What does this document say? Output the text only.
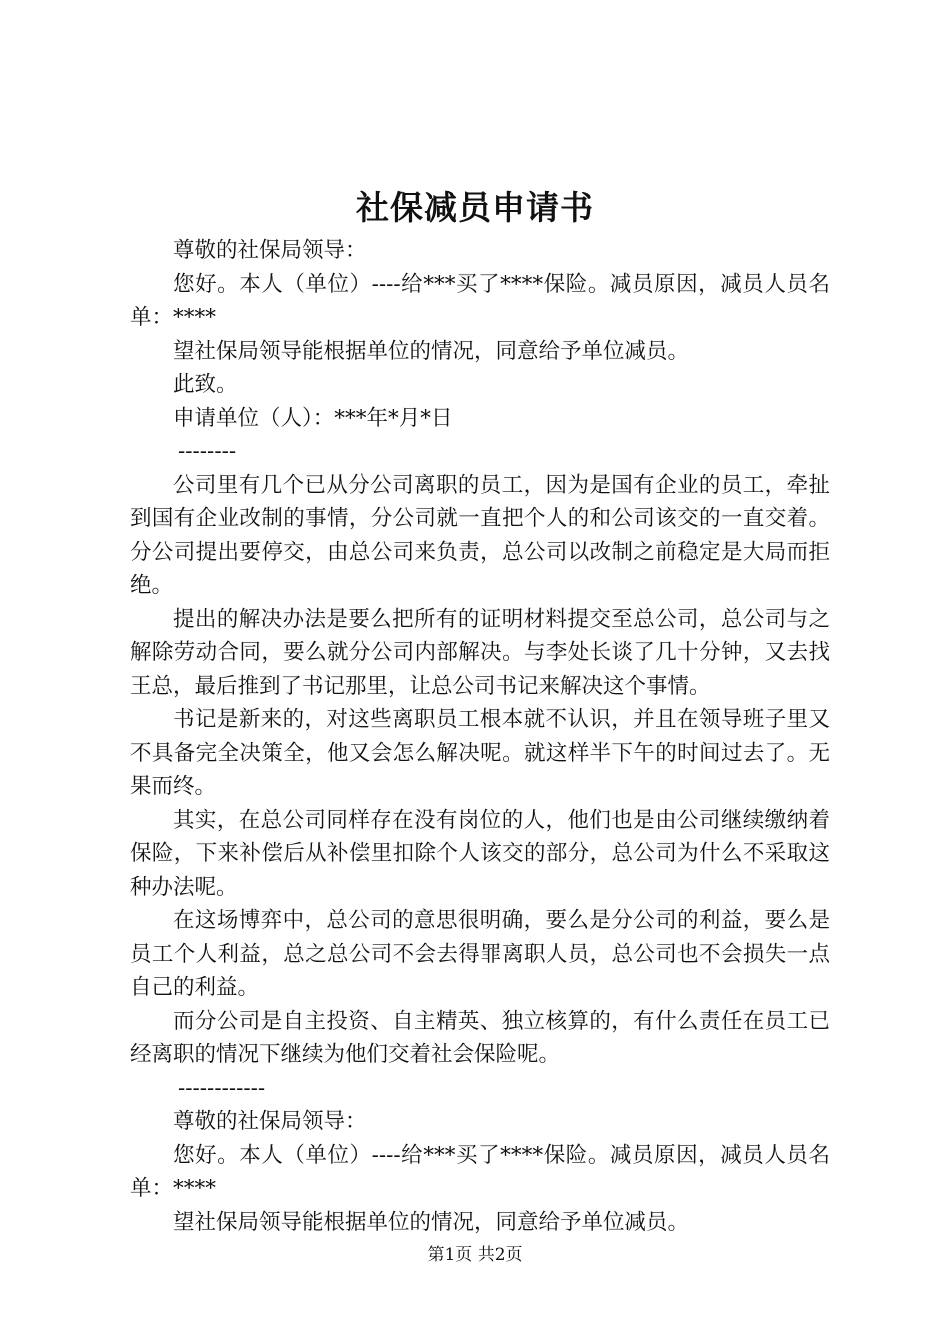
社保减员申请书

尊敬的社保局领导：

您好。本人（单位）----给***买了****保险。减员原因，减员人员名单：****

望社保局领导能根据单位的情况，同意给予单位减员。

此致。

申请单位（人）：***年*月*日

--------

公司里有几个已从分公司离职的员工，因为是国有企业的员工，牵扯到国有企业改制的事情，分公司就一直把个人的和公司该交的一直交着。分公司提出要停交，由总公司来负责，总公司以改制之前稳定是大局而拒绝。

提出的解决办法是要么把所有的证明材料提交至总公司，总公司与之解除劳动合同，要么就分公司内部解决。与李处长谈了几十分钟，又去找王总，最后推到了书记那里，让总公司书记来解决这个事情。

书记是新来的，对这些离职员工根本就不认识，并且在领导班子里又不具备完全决策全，他又会怎么解决呢。就这样半下午的时间过去了。无果而终。

其实，在总公司同样存在没有岗位的人，他们也是由公司继续缴纳着保险，下来补偿后从补偿里扣除个人该交的部分，总公司为什么不采取这种办法呢。

在这场博弈中，总公司的意思很明确，要么是分公司的利益，要么是员工个人利益，总之总公司不会去得罪离职人员，总公司也不会损失一点自己的利益。

而分公司是自主投资、自主精英、独立核算的，有什么责任在员工已经离职的情况下继续为他们交着社会保险呢。

------------

尊敬的社保局领导：

您好。本人（单位）----给***买了****保险。减员原因，减员人员名单：****

望社保局领导能根据单位的情况，同意给予单位减员。

第1页 共2页
